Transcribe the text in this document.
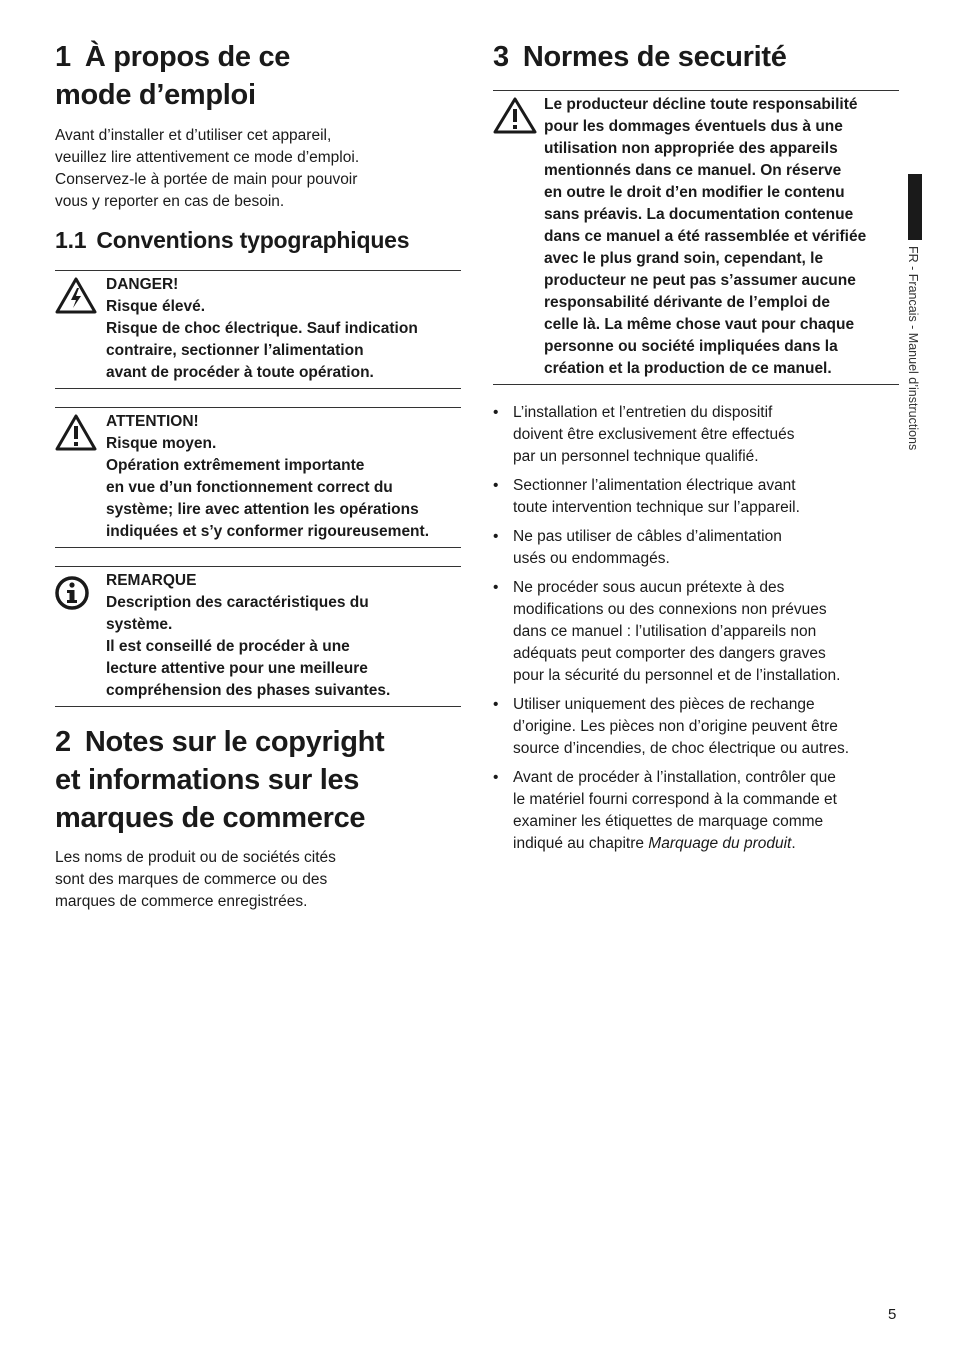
1 À propos de ce
mode d’emploi
Avant d’installer et d’utiliser cet appareil,
veuillez lire attentivement ce mode d’emploi.
Conservez-le à portée de main pour pouvoir
vous y reporter en cas de besoin.
1.1 Conventions typographiques
DANGER!
Risque élevé.
Risque de choc électrique. Sauf indication
contraire, sectionner l’alimentation
avant de procéder à toute opération.
ATTENTION!
Risque moyen.
Opération extrêmement importante
en vue d’un fonctionnement correct du
système; lire avec attention les opérations
indiquées et s’y conformer rigoureusement.
REMARQUE
Description des caractéristiques du
système.
Il est conseillé de procéder à une
lecture attentive pour une meilleure
compréhension des phases suivantes.
2 Notes sur le copyright
et informations sur les
marques de commerce
Les noms de produit ou de sociétés cités
sont des marques de commerce ou des
marques de commerce enregistrées.
3 Normes de securité
Le producteur décline toute responsabilité
pour les dommages éventuels dus à une
utilisation non appropriée des appareils
mentionnés dans ce manuel. On réserve
en outre le droit d’en modifier le contenu
sans préavis. La documentation contenue
dans ce manuel a été rassemblée et vérifiée
avec le plus grand soin, cependant, le
producteur ne peut pas s’assumer aucune
responsabilité dérivante de l’emploi de
celle là. La même chose vaut pour chaque
personne ou société impliquées dans la
création et la production de ce manuel.
• L’installation et l’entretien du dispositif
doivent être exclusivement être effectués
par un personnel technique qualifié.
• Sectionner l’alimentation électrique avant
toute intervention technique sur l’appareil.
• Ne pas utiliser de câbles d’alimentation
usés ou endommagés.
• Ne procéder sous aucun prétexte à des
modifications ou des connexions non prévues
dans ce manuel : l’utilisation d’appareils non
adéquats peut comporter des dangers graves
pour la sécurité du personnel et de l’installation.
• Utiliser uniquement des pièces de rechange
d’origine. Les pièces non d’origine peuvent être
source d’incendies, de choc électrique ou autres.
• Avant de procéder à l’installation, contrôler que
le matériel fourni correspond à la commande et
examiner les étiquettes de marquage comme
indiqué au chapitre Marquage du produit.
FR - Francais - Manuel d’instructions
5
